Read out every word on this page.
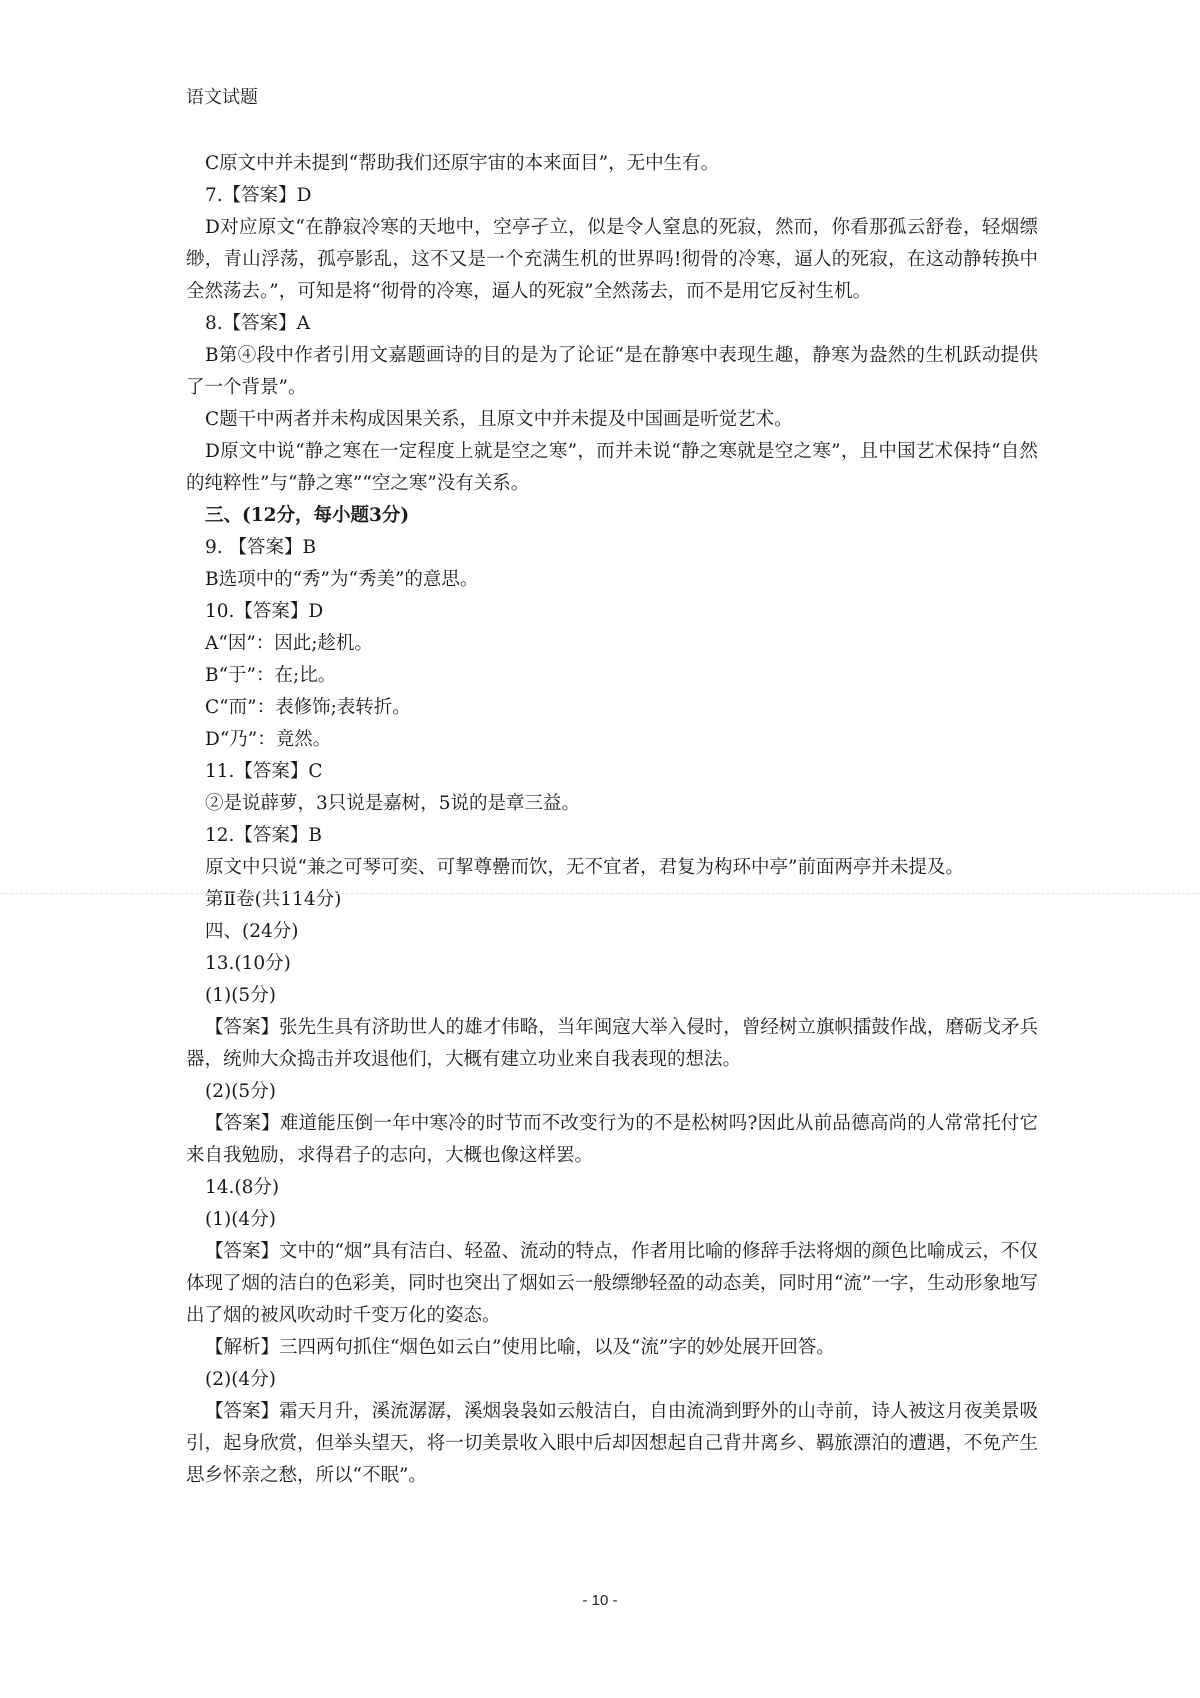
语文试题

C原文中并未提到“帮助我们还原宇宙的本来面目”，无中生有。

7.【答案】D

D对应原文“在静寂冷寒的天地中，空亭孑立，似是令人窒息的死寂，然而，你看那孤云舒卷，轻烟缥缈，青山浮荡，孤亭影乱，这不又是一个充满生机的世界吗!彻骨的冷寒，逼人的死寂，在这动静转换中全然荡去。”，可知是将“彻骨的冷寒，逼人的死寂”全然荡去，而不是用它反衬生机。

8.【答案】A

B第④段中作者引用文嘉题画诗的目的是为了论证“是在静寒中表现生趣，静寒为盎然的生机跃动提供了一个背景”。

C题干中两者并未构成因果关系，且原文中并未提及中国画是听觉艺术。

D原文中说“静之寒在一定程度上就是空之寒”，而并未说“静之寒就是空之寒”，且中国艺术保持“自然的纯粹性”与“静之寒”“空之寒”没有关系。

三、(12分，每小题3分)

9. 【答案】B

B选项中的“秀”为“秀美”的意思。

10.【答案】D

A“因”：因此;趁机。

B“于”：在;比。

C“而”：表修饰;表转折。

D“乃”：竟然。

11.【答案】C

②是说薜萝，3只说是嘉树，5说的是章三益。

12.【答案】B

原文中只说“兼之可琴可奕、可挈尊罍而饮，无不宜者，君复为构环中亭”前面两亭并未提及。

第Ⅱ卷(共114分)

四、(24分)

13.(10分)

(1)(5分)

【答案】张先生具有济助世人的雄才伟略，当年闽寇大举入侵时，曾经树立旗帜擂鼓作战，磨砺戈矛兵器，统帅大众捣击并攻退他们，大概有建立功业来自我表现的想法。

(2)(5分)

【答案】难道能压倒一年中寒冷的时节而不改变行为的不是松树吗?因此从前品德高尚的人常常托付它来自我勉励，求得君子的志向，大概也像这样罢。

14.(8分)

(1)(4分)

【答案】文中的“烟”具有洁白、轻盈、流动的特点，作者用比喻的修辞手法将烟的颜色比喻成云，不仅体现了烟的洁白的色彩美，同时也突出了烟如云一般缥缈轻盈的动态美，同时用“流”一字，生动形象地写出了烟的被风吹动时千变万化的姿态。

【解析】三四两句抓住“烟色如云白”使用比喻，以及“流”字的妙处展开回答。

(2)(4分)

【答案】霜天月升，溪流潺潺，溪烟袅袅如云般洁白，自由流淌到野外的山寺前，诗人被这月夜美景吸引，起身欣赏，但举头望天，将一切美景收入眼中后却因想起自己背井离乡、羁旅漂泊的遭遇，不免产生思乡怀亲之愁，所以“不眠”。

- 10 -
